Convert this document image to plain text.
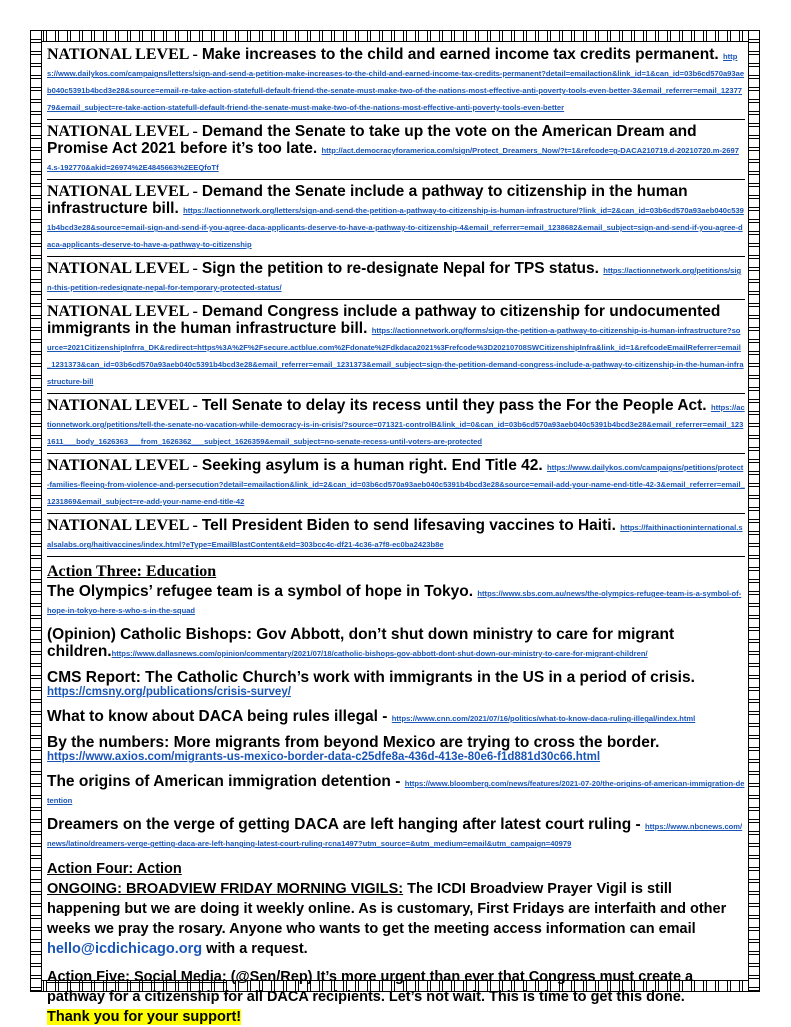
NATIONAL LEVEL - Make increases to the child and earned income tax credits permanent. https://www.dailykos.com/campaigns/letters/sign-and-send-a-petition-make-increases-to-the-child-and-earned-income-tax-credits-permanent?detail=emailaction&link_id=1&can_id=03b6cd570a93aeb040c5391b4bcd3e28&source=email-re-take-action-statefull-default-friend-the-senate-must-make-two-of-the-nations-most-effective-anti-poverty-tools-even-better-3&email_referrer=email_1237779&email_subject=re-take-action-statefull-default-friend-the-senate-must-make-two-of-the-nations-most-effective-anti-poverty-tools-even-better
NATIONAL LEVEL - Demand the Senate to take up the vote on the American Dream and Promise Act 2021 before it’s too late. http://act.democracyforamerica.com/sign/Protect_Dreamers_Now/?t=1&refcode=g-DACA210719.d-20210720.m-26974.s-192770&akid=26974%2E4845663%2EEQfoTf
NATIONAL LEVEL - Demand the Senate include a pathway to citizenship in the human infrastructure bill. https://actionnetwork.org/letters/sign-and-send-the-petition-a-pathway-to-citizenship-is-human-infrastructure/?link_id=2&can_id=03b6cd570a93aeb040c5391b4bcd3e28&source=email-sign-and-send-if-you-agree-daca-applicants-deserve-to-have-a-pathway-to-citizenship-4&email_referrer=email_1238682&email_subject=sign-and-send-if-you-agree-daca-applicants-deserve-to-have-a-pathway-to-citizenship
NATIONAL LEVEL - Sign the petition to re-designate Nepal for TPS status. https://actionnetwork.org/petitions/sign-this-petition-redesignate-nepal-for-temporary-protected-status/
NATIONAL LEVEL - Demand Congress include a pathway to citizenship for undocumented immigrants in the human infrastructure bill. https://actionnetwork.org/forms/sign-the-petition-a-pathway-to-citizenship-is-human-infrastructure?source=2021CitizenshipInfrra_DK&redirect=https%3A%2F%2Fsecure.actblue.com%2Fdonate%2Fdkdaca2021%3Frefcode%3D20210708SWCitizenshipInfra&link_id=1&refcodeEmailReferrer=email_1231373&can_id=03b6cd570a93aeb040c5391b4bcd3e28&email_referrer=email_1231373&email_subject=sign-the-petition-demand-congress-include-a-pathway-to-citizenship-in-the-human-infrastructure-bill
NATIONAL LEVEL - Tell Senate to delay its recess until they pass the For the People Act. https://actionnetwork.org/petitions/tell-the-senate-no-vacation-while-democracy-is-in-crisis/?source=071321-controlB&link_id=0&can_id=03b6cd570a93aeb040c5391b4bcd3e28&email_referrer=email_1231611___body_1626363___from_1626362___subject_1626359&email_subject=no-senate-recess-until-voters-are-protected
NATIONAL LEVEL - Seeking asylum is a human right. End Title 42. https://www.dailykos.com/campaigns/petitions/protect-families-fleeing-from-violence-and-persecution?detail=emailaction&link_id=2&can_id=03b6cd570a93aeb040c5391b4bcd3e28&source=email-add-your-name-end-title-42-3&email_referrer=email_1231869&email_subject=re-add-your-name-end-title-42
NATIONAL LEVEL - Tell President Biden to send lifesaving vaccines to Haiti. https://faithinactioninternational.salsalabs.org/haitivaccines/index.html?eType=EmailBlastContent&eId=303bcc4c-df21-4c36-a7f8-ec0ba2423b8e
Action Three: Education
The Olympics’ refugee team is a symbol of hope in Tokyo. https://www.sbs.com.au/news/the-olympics-refugee-team-is-a-symbol-of-hope-in-tokyo-here-s-who-s-in-the-squad
(Opinion) Catholic Bishops: Gov Abbott, don’t shut down ministry to care for migrant children.https://www.dallasnews.com/opinion/commentary/2021/07/18/catholic-bishops-gov-abbott-dont-shut-down-our-ministry-to-care-for-migrant-children/
CMS Report: The Catholic Church’s work with immigrants in the US in a period of crisis.
https://cmsny.org/publications/crisis-survey/
What to know about DACA being rules illegal - https://www.cnn.com/2021/07/16/politics/what-to-know-daca-ruling-illegal/index.html
By the numbers: More migrants from beyond Mexico are trying to cross the border.
https://www.axios.com/migrants-us-mexico-border-data-c25dfe8a-436d-413e-80e6-f1d881d30c66.html
The origins of American immigration detention - https://www.bloomberg.com/news/features/2021-07-20/the-origins-of-american-immigration-detention
Dreamers on the verge of getting DACA are left hanging after latest court ruling - https://www.nbcnews.com/news/latino/dreamers-verge-getting-daca-are-left-hanging-latest-court-ruling-rcna1497?utm_source=&utm_medium=email&utm_campaign=40979
Action Four: Action
ONGOING: BROADVIEW FRIDAY MORNING VIGILS: The ICDI Broadview Prayer Vigil is still happening but we are doing it weekly online. As is customary, First Fridays are interfaith and other weeks we pray the rosary. Anyone who wants to get the meeting access information can email hello@icdichicago.org with a request.
Action Five: Social Media: (@Sen/Rep) It’s more urgent than ever that Congress must create a pathway for a citizenship for all DACA recipients. Let’s not wait. This is time to get this done.
Thank you for your support!
